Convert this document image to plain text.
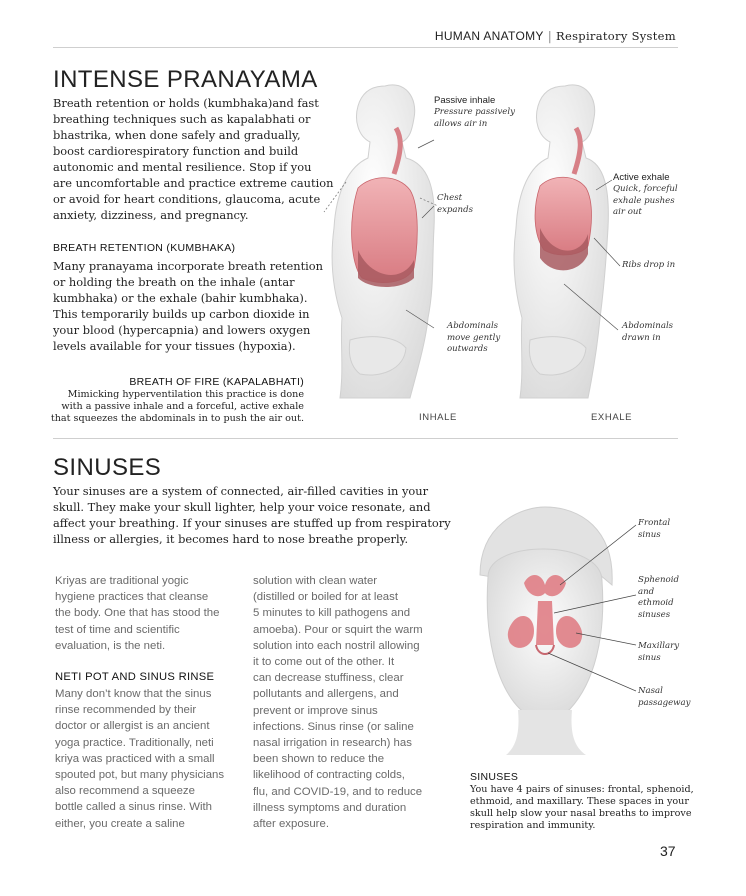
HUMAN ANATOMY | Respiratory System
INTENSE PRANAYAMA
Breath retention or holds (kumbhaka)and fast
breathing techniques such as kapalabhati or
bhastrika, when done safely and gradually,
boost cardiorespiratory function and build
autonomic and mental resilience. Stop if you
are uncomfortable and practice extreme caution
or avoid for heart conditions, glaucoma, acute
anxiety, dizziness, and pregnancy.
BREATH RETENTION (KUMBHAKA)
Many pranayama incorporate breath retention
or holding the breath on the inhale (antar
kumbhaka) or the exhale (bahir kumbhaka).
This temporarily builds up carbon dioxide in
your blood (hypercapnia) and lowers oxygen
levels available for your tissues (hypoxia).
BREATH OF FIRE (KAPALABHATI)
Mimicking hyperventilation this practice is done
with a passive inhale and a forceful, active exhale
that squeezes the abdominals in to push the air out.
Passive inhale
Pressure passively
allows air in
Chest
expands
Abdominals
move gently
outwards
Active exhale
Quick, forceful
exhale pushes
air out
Ribs drop in
Abdominals
drawn in
INHALE	EXHALE
SINUSES
Your sinuses are a system of connected, air-filled cavities in your
skull. They make your skull lighter, help your voice resonate, and
affect your breathing. If your sinuses are stuffed up from respiratory
illness or allergies, it becomes hard to nose breathe properly.
Kriyas are traditional yogic
hygiene practices that cleanse
the body. One that has stood the
test of time and scientific
evaluation, is the neti.
NETI POT AND SINUS RINSE
Many don’t know that the sinus
rinse recommended by their
doctor or allergist is an ancient
yoga practice. Traditionally, neti
kriya was practiced with a small
spouted pot, but many physicians
also recommend a squeeze
bottle called a sinus rinse. With
either, you create a saline
solution with clean water
(distilled or boiled for at least
5 minutes to kill pathogens and
amoeba). Pour or squirt the warm
solution into each nostril allowing
it to come out of the other. It
can decrease stuffiness, clear
pollutants and allergens, and
prevent or improve sinus
infections. Sinus rinse (or saline
nasal irrigation in research) has
been shown to reduce the
likelihood of contracting colds,
flu, and COVID-19, and to reduce
illness symptoms and duration
after exposure.
Frontal
sinus
Sphenoid
and
ethmoid
sinuses
Maxillary
sinus
Nasal
passageway
SINUSES
You have 4 pairs of sinuses: frontal, sphenoid,
ethmoid, and maxillary. These spaces in your
skull help slow your nasal breaths to improve
respiration and immunity.
37
